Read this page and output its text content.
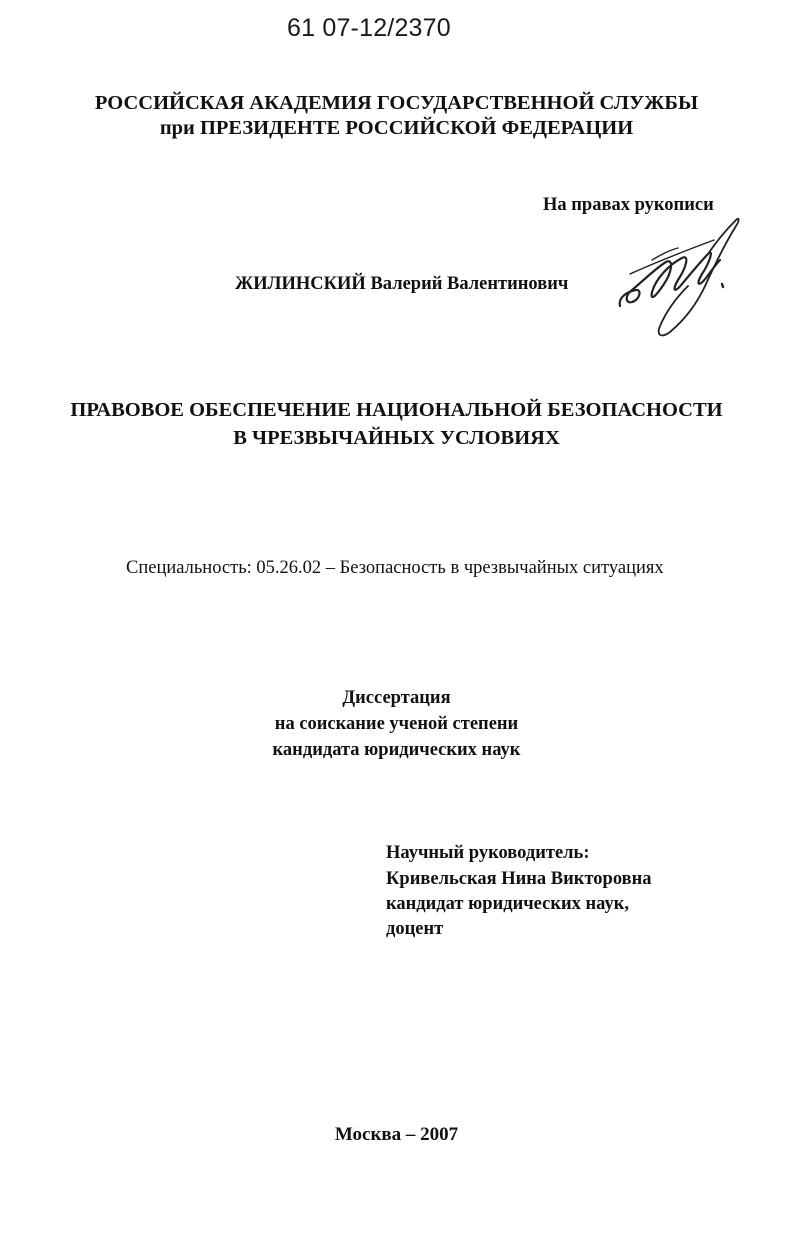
61 07-12/2370
РОССИЙСКАЯ АКАДЕМИЯ ГОСУДАРСТВЕННОЙ СЛУЖБЫ
при ПРЕЗИДЕНТЕ РОССИЙСКОЙ ФЕДЕРАЦИИ
На правах рукописи
ЖИЛИНСКИЙ Валерий Валентинович
ПРАВОВОЕ ОБЕСПЕЧЕНИЕ НАЦИОНАЛЬНОЙ БЕЗОПАСНОСТИ
В ЧРЕЗВЫЧАЙНЫХ УСЛОВИЯХ
Специальность: 05.26.02 – Безопасность в чрезвычайных ситуациях
Диссертация
на соискание ученой степени
кандидата юридических наук
Научный руководитель:
Кривельская Нина Викторовна
кандидат юридических наук,
доцент
Москва – 2007
